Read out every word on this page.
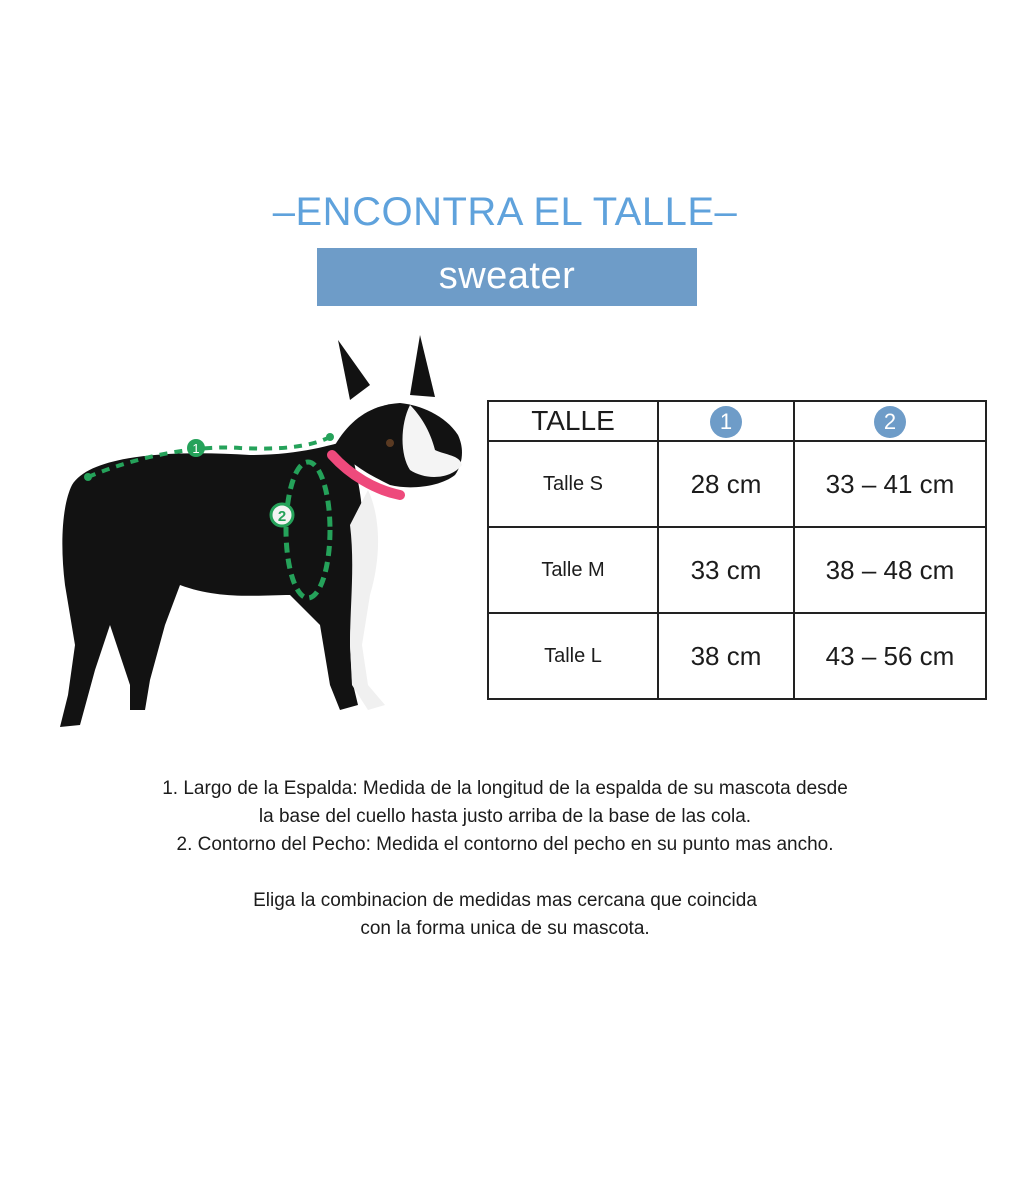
–ENCONTRA EL TALLE–
sweater
1
2
TALLE	1	2
Talle S	28 cm	33 – 41 cm
Talle M	33 cm	38 – 48 cm
Talle L	38 cm	43 – 56 cm

1. Largo de la Espalda: Medida de la longitud de la espalda de su mascota desde

la base del cuello hasta justo arriba de la base de las cola.

2. Contorno del Pecho: Medida el contorno del pecho en su punto mas ancho.

Eliga la combinacion de medidas mas cercana que coincida

con la forma unica de su mascota.
